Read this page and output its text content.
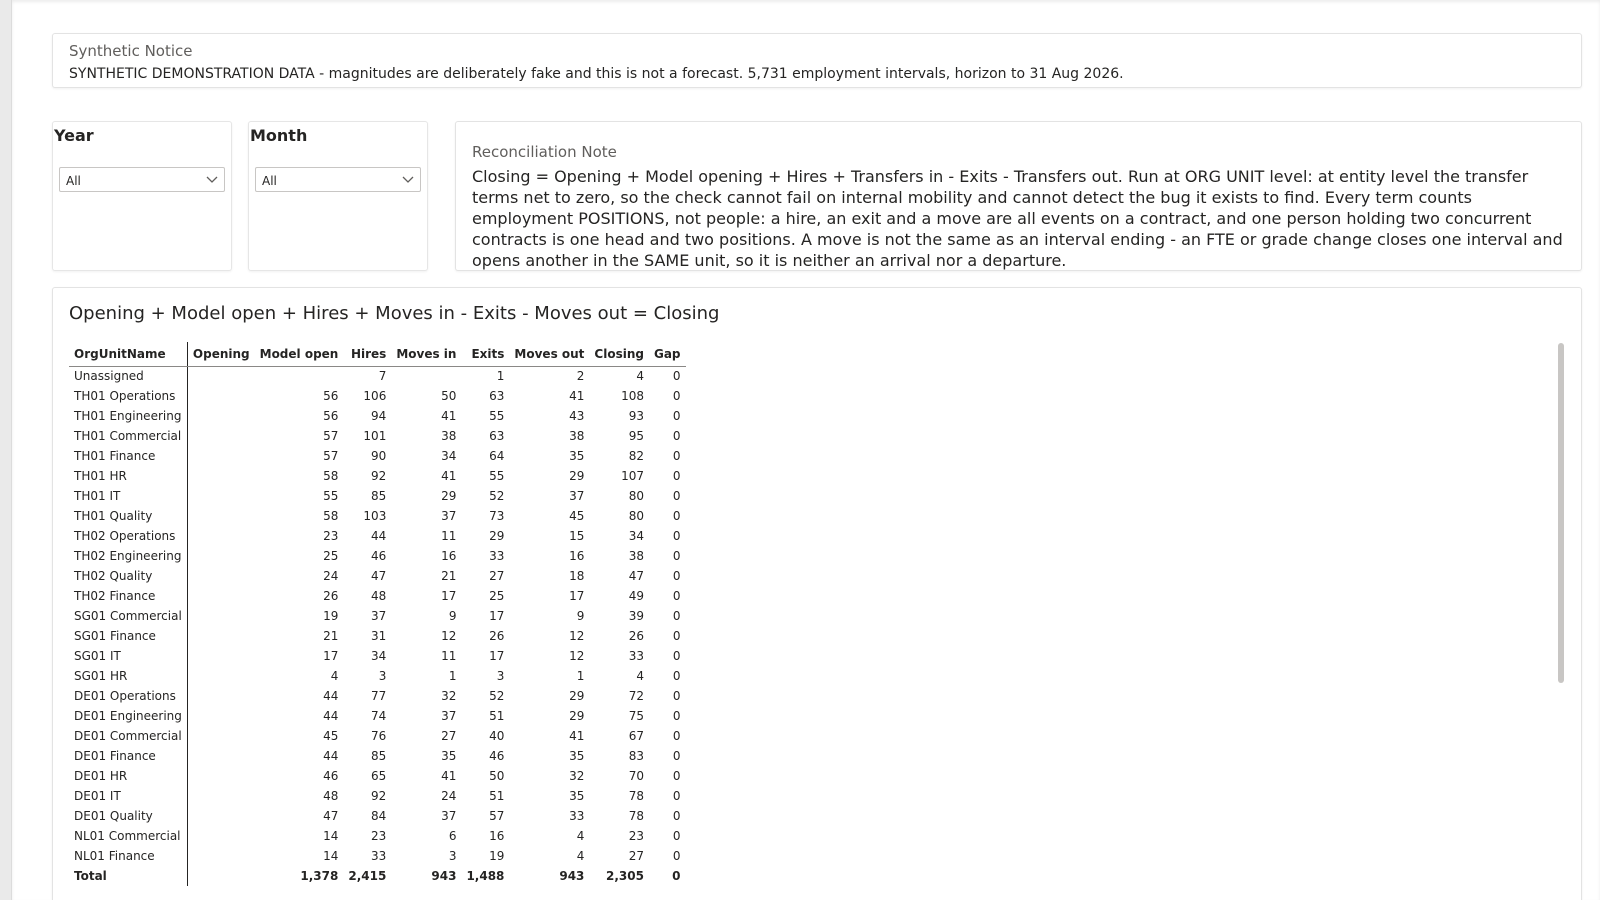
Synthetic Notice
SYNTHETIC DEMONSTRATION DATA - magnitudes are deliberately fake and this is not a forecast. 5,731 employment intervals, horizon to 31 Aug 2026.
Year
All
Month
All
Reconciliation Note
Closing = Opening + Model opening + Hires + Transfers in - Exits - Transfers out. Run at ORG UNIT level: at entity level the transfer terms net to zero, so the check cannot fail on internal mobility and cannot detect the bug it exists to find. Every term counts employment POSITIONS, not people: a hire, an exit and a move are all events on a contract, and one person holding two concurrent contracts is one head and two positions. A move is not the same as an interval ending - an FTE or grade change closes one interval and opens another in the SAME unit, so it is neither an arrival nor a departure.
Opening + Model open + Hires + Moves in - Exits - Moves out = Closing
OrgUnitName	Opening	Model open	Hires	Moves in	Exits	Moves out	Closing	Gap
Unassigned			7		1	2	4	0
TH01 Operations		56	106	50	63	41	108	0
TH01 Engineering		56	94	41	55	43	93	0
TH01 Commercial		57	101	38	63	38	95	0
TH01 Finance		57	90	34	64	35	82	0
TH01 HR		58	92	41	55	29	107	0
TH01 IT		55	85	29	52	37	80	0
TH01 Quality		58	103	37	73	45	80	0
TH02 Operations		23	44	11	29	15	34	0
TH02 Engineering		25	46	16	33	16	38	0
TH02 Quality		24	47	21	27	18	47	0
TH02 Finance		26	48	17	25	17	49	0
SG01 Commercial		19	37	9	17	9	39	0
SG01 Finance		21	31	12	26	12	26	0
SG01 IT		17	34	11	17	12	33	0
SG01 HR		4	3	1	3	1	4	0
DE01 Operations		44	77	32	52	29	72	0
DE01 Engineering		44	74	37	51	29	75	0
DE01 Commercial		45	76	27	40	41	67	0
DE01 Finance		44	85	35	46	35	83	0
DE01 HR		46	65	41	50	32	70	0
DE01 IT		48	92	24	51	35	78	0
DE01 Quality		47	84	37	57	33	78	0
NL01 Commercial		14	23	6	16	4	23	0
NL01 Finance		14	33	3	19	4	27	0
Total		1,378	2,415	943	1,488	943	2,305	0
